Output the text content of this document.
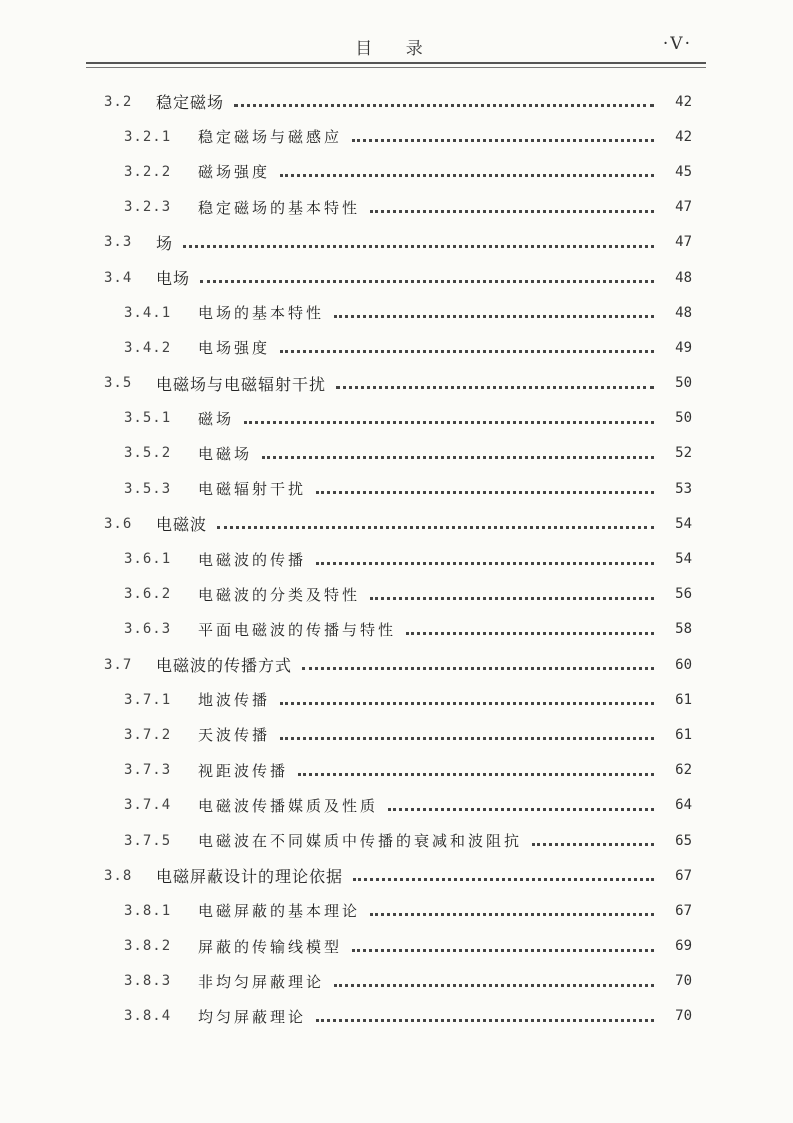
目 录	·V·
3.2	稳定磁场	42
3.2.1	稳定磁场与磁感应	42
3.2.2	磁场强度	45
3.2.3	稳定磁场的基本特性	47
3.3	场	47
3.4	电场	48
3.4.1	电场的基本特性	48
3.4.2	电场强度	49
3.5	电磁场与电磁辐射干扰	50
3.5.1	磁场	50
3.5.2	电磁场	52
3.5.3	电磁辐射干扰	53
3.6	电磁波	54
3.6.1	电磁波的传播	54
3.6.2	电磁波的分类及特性	56
3.6.3	平面电磁波的传播与特性	58
3.7	电磁波的传播方式	60
3.7.1	地波传播	61
3.7.2	天波传播	61
3.7.3	视距波传播	62
3.7.4	电磁波传播媒质及性质	64
3.7.5	电磁波在不同媒质中传播的衰减和波阻抗	65
3.8	电磁屏蔽设计的理论依据	67
3.8.1	电磁屏蔽的基本理论	67
3.8.2	屏蔽的传输线模型	69
3.8.3	非均匀屏蔽理论	70
3.8.4	均匀屏蔽理论	70
